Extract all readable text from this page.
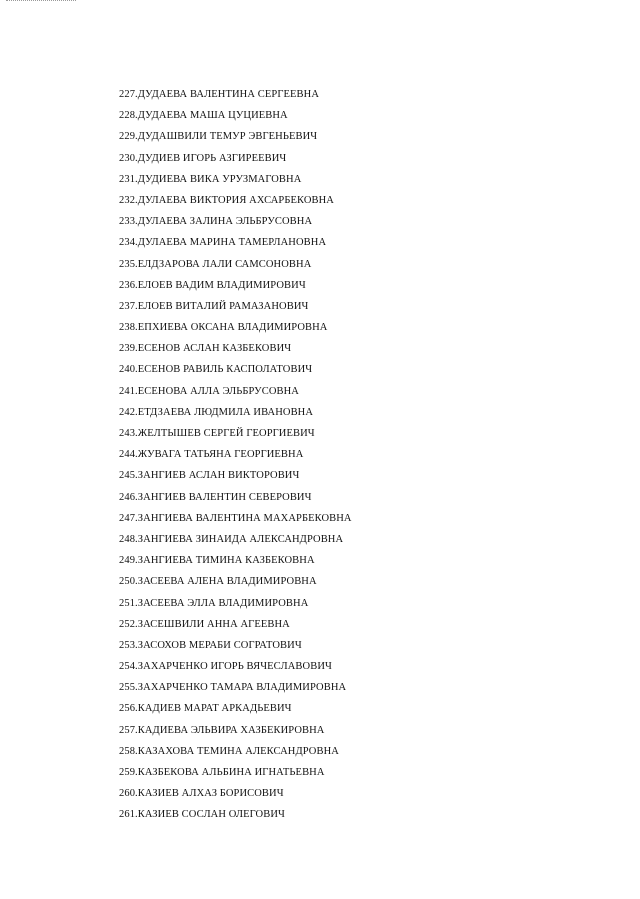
227.ДУДАЕВА ВАЛЕНТИНА СЕРГЕЕВНА
228.ДУДАЕВА МАША ЦУЦИЕВНА
229.ДУДАШВИЛИ ТЕМУР ЭВГЕНЬЕВИЧ
230.ДУДИЕВ ИГОРЬ АЗГИРЕЕВИЧ
231.ДУДИЕВА ВИКА УРУЗМАГОВНА
232.ДУЛАЕВА ВИКТОРИЯ АХСАРБЕКОВНА
233.ДУЛАЕВА ЗАЛИНА ЭЛЬБРУСОВНА
234.ДУЛАЕВА МАРИНА ТАМЕРЛАНОВНА
235.ЕЛДЗАРОВА ЛАЛИ САМСОНОВНА
236.ЕЛОЕВ ВАДИМ ВЛАДИМИРОВИЧ
237.ЕЛОЕВ ВИТАЛИЙ РАМАЗАНОВИЧ
238.ЕПХИЕВА ОКСАНА ВЛАДИМИРОВНА
239.ЕСЕНОВ АСЛАН КАЗБЕКОВИЧ
240.ЕСЕНОВ РАВИЛЬ КАСПОЛАТОВИЧ
241.ЕСЕНОВА АЛЛА ЭЛЬБРУСОВНА
242.ЕТДЗАЕВА ЛЮДМИЛА ИВАНОВНА
243.ЖЕЛТЫШЕВ СЕРГЕЙ ГЕОРГИЕВИЧ
244.ЖУВАГА ТАТЬЯНА ГЕОРГИЕВНА
245.ЗАНГИЕВ АСЛАН ВИКТОРОВИЧ
246.ЗАНГИЕВ ВАЛЕНТИН СЕВЕРОВИЧ
247.ЗАНГИЕВА ВАЛЕНТИНА МАХАРБЕКОВНА
248.ЗАНГИЕВА ЗИНАИДА АЛЕКСАНДРОВНА
249.ЗАНГИЕВА ТИМИНА КАЗБЕКОВНА
250.ЗАСЕЕВА АЛЕНА ВЛАДИМИРОВНА
251.ЗАСЕЕВА ЭЛЛА ВЛАДИМИРОВНА
252.ЗАСЕШВИЛИ АННА АГЕЕВНА
253.ЗАСОХОВ МЕРАБИ СОГРАТОВИЧ
254.ЗАХАРЧЕНКО ИГОРЬ ВЯЧЕСЛАВОВИЧ
255.ЗАХАРЧЕНКО ТАМАРА ВЛАДИМИРОВНА
256.КАДИЕВ МАРАТ АРКАДЬЕВИЧ
257.КАДИЕВА ЭЛЬВИРА ХАЗБЕКИРОВНА
258.КАЗАХОВА ТЕМИНА АЛЕКСАНДРОВНА
259.КАЗБЕКОВА АЛЬБИНА ИГНАТЬЕВНА
260.КАЗИЕВ АЛХАЗ БОРИСОВИЧ
261.КАЗИЕВ СОСЛАН ОЛЕГОВИЧ
